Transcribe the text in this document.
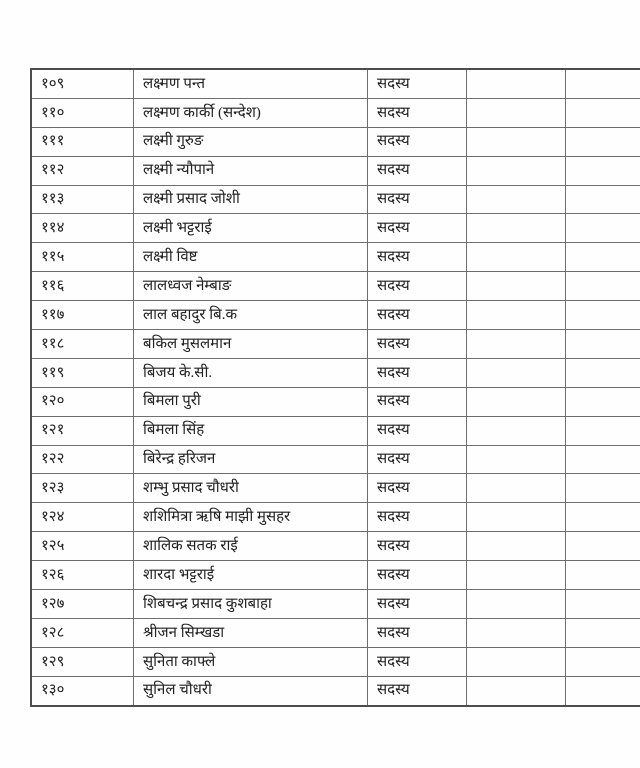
१०९	लक्ष्मण पन्त	सदस्य		
११०	लक्ष्मण कार्की (सन्देश)	सदस्य		
१११	लक्ष्मी गुरुङ	सदस्य		
११२	लक्ष्मी न्यौपाने	सदस्य		
११३	लक्ष्मी प्रसाद जोशी	सदस्य		
११४	लक्ष्मी भट्टराई	सदस्य		
११५	लक्ष्मी विष्ट	सदस्य		
११६	लालध्वज नेम्बाङ	सदस्य		
११७	लाल बहादुर बि.क	सदस्य		
११८	बकिल मुसलमान	सदस्य		
११९	बिजय के.सी.	सदस्य		
१२०	बिमला पुरी	सदस्य		
१२१	बिमला सिंह	सदस्य		
१२२	बिरेन्द्र हरिजन	सदस्य		
१२३	शम्भु प्रसाद चौधरी	सदस्य		
१२४	शशिमित्रा ऋषि माझी मुसहर	सदस्य		
१२५	शालिक सतक राई	सदस्य		
१२६	शारदा भट्टराई	सदस्य		
१२७	शिबचन्द्र प्रसाद कुशबाहा	सदस्य		
१२८	श्रीजन सिम्खडा	सदस्य		
१२९	सुनिता काफ्ले	सदस्य		
१३०	सुनिल चौधरी	सदस्य		
